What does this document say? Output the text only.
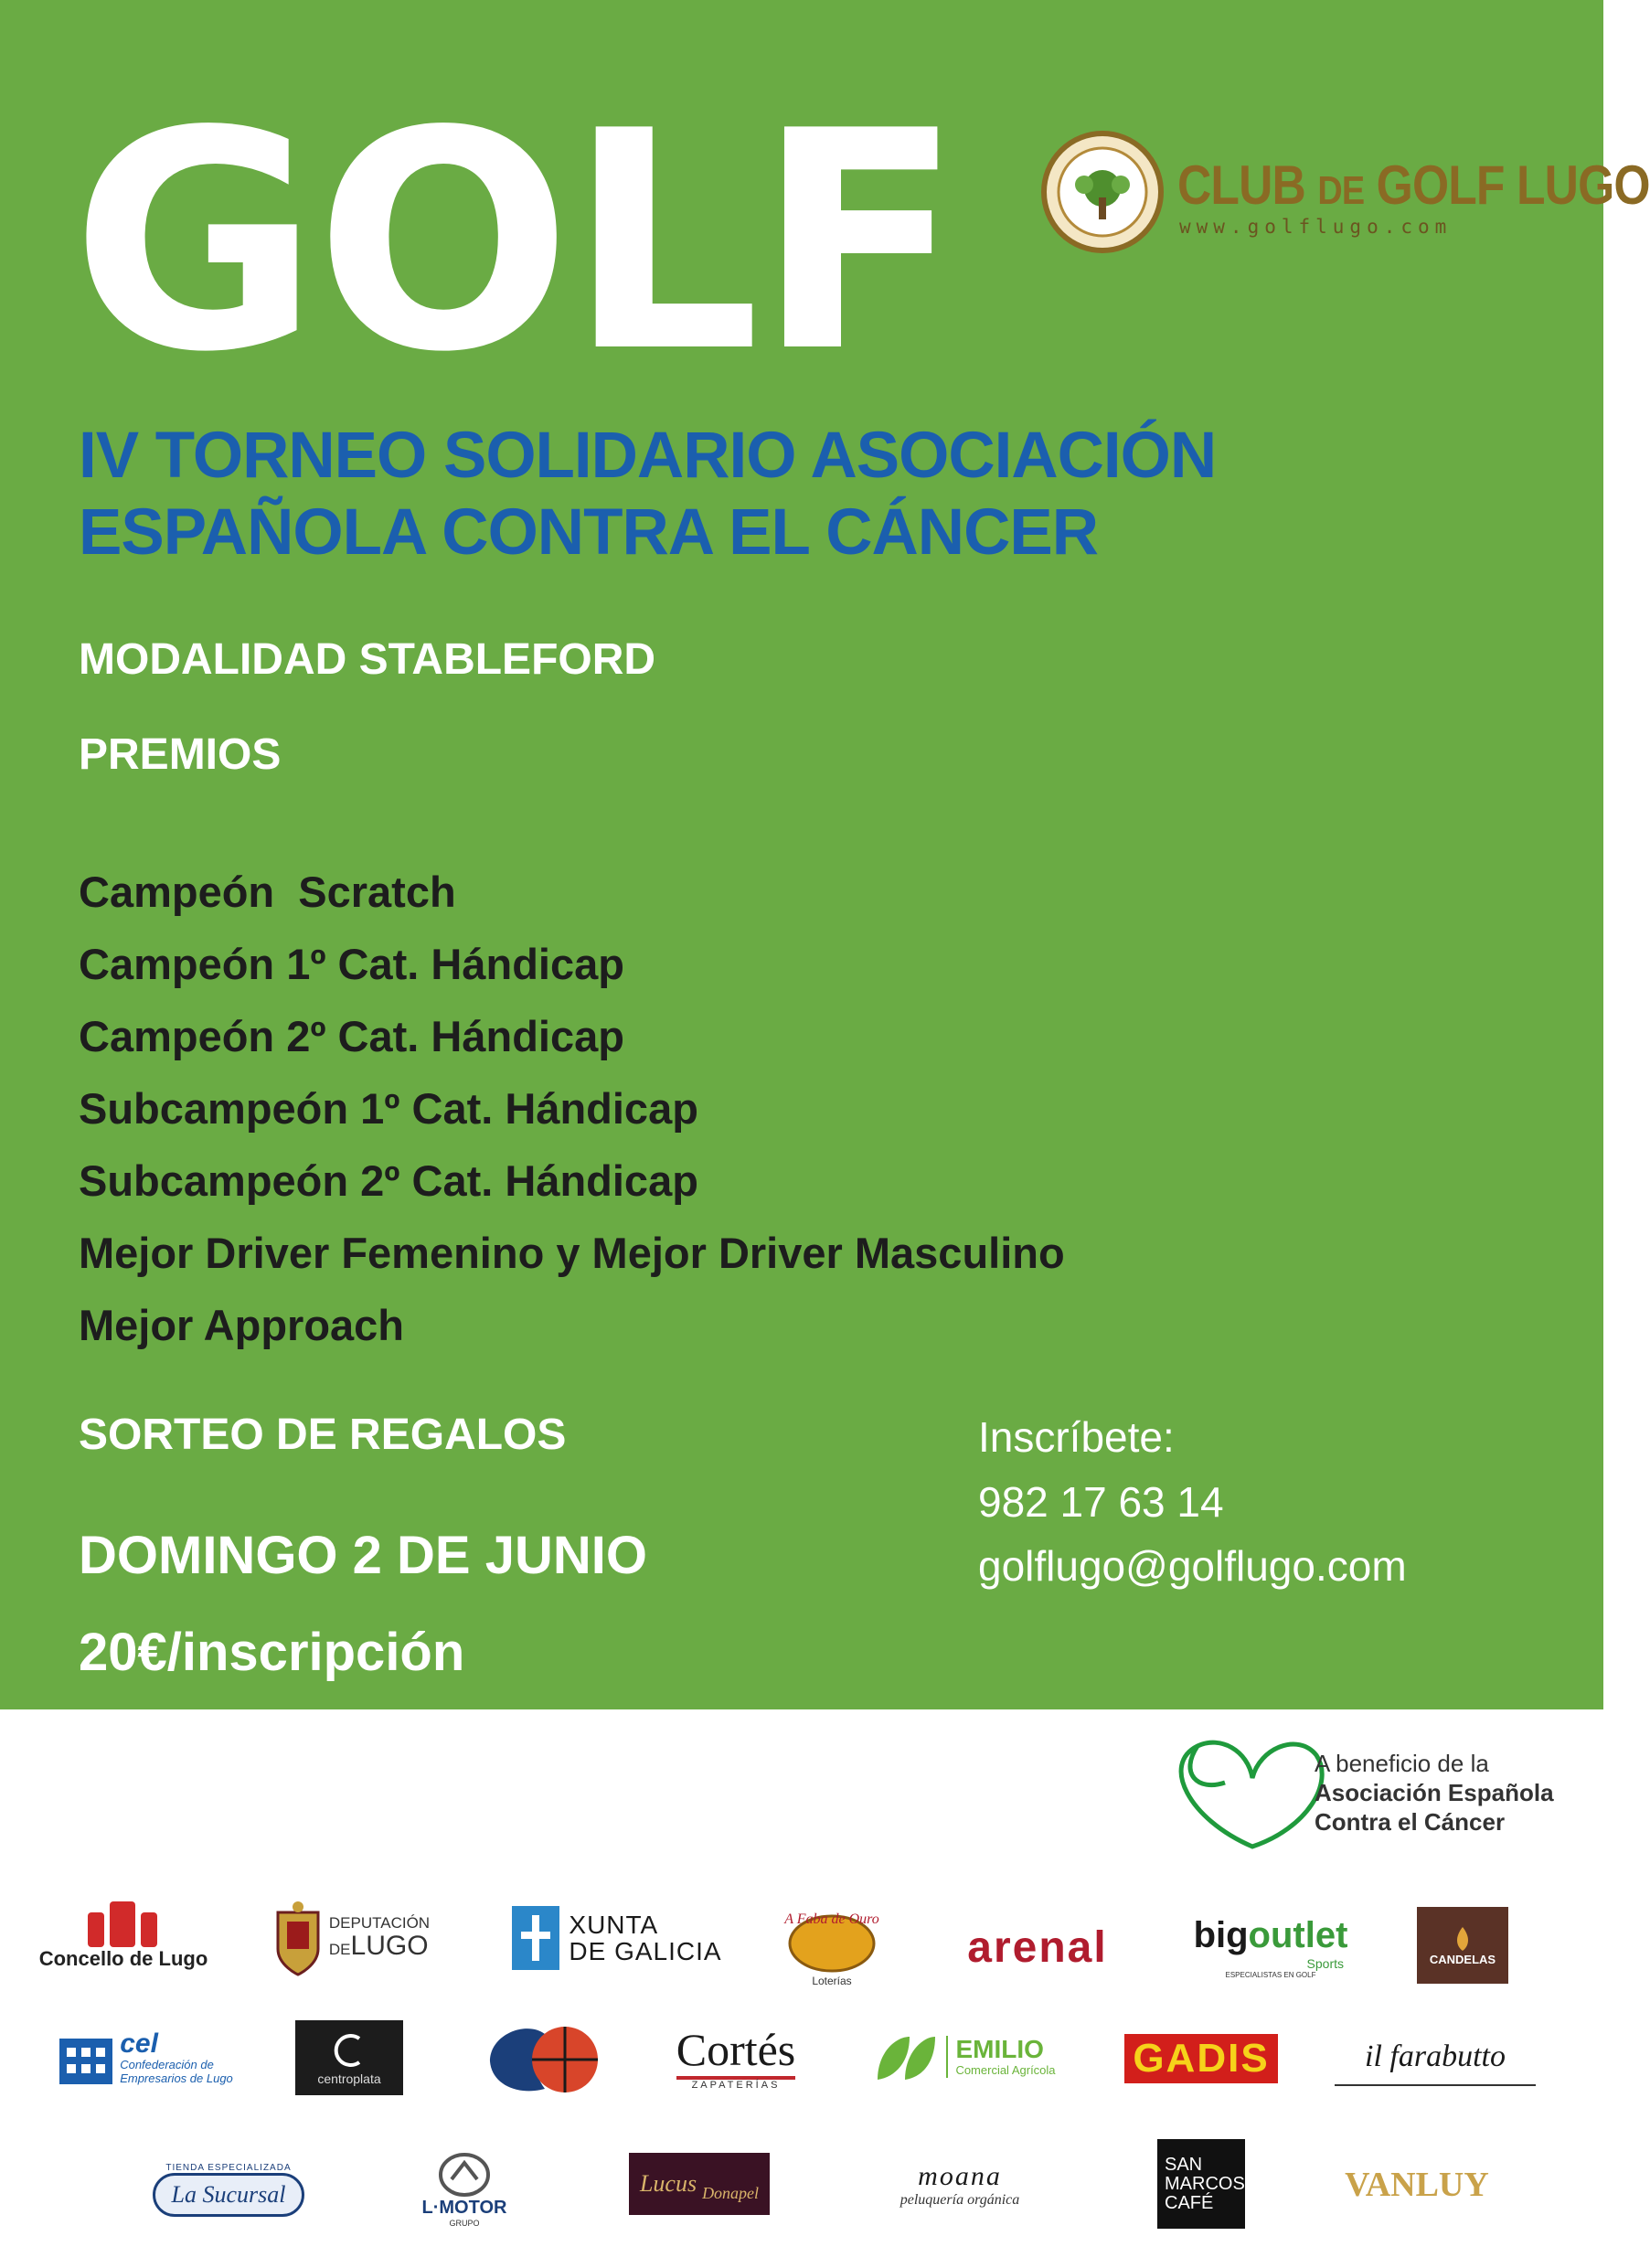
GOLF	CLUB DE GOLF LUGO
www.golflugo.com
IV TORNEO SOLIDARIO ASOCIACIÓN
ESPAÑOLA CONTRA EL CÁNCER
MODALIDAD STABLEFORD
PREMIOS
Campeón  Scratch
Campeón 1º Cat. Hándicap
Campeón 2º Cat. Hándicap
Subcampeón 1º Cat. Hándicap
Subcampeón 2º Cat. Hándicap
Mejor Driver Femenino y Mejor Driver Masculino
Mejor Approach
SORTEO DE REGALOS
DOMINGO 2 DE JUNIO
20€/inscripción
Inscríbete:
982 17 63 14
golflugo@golflugo.com
A beneficio de la
Asociación Española
Contra el Cáncer
Concello de Lugo
DEPUTACIÓN
DELUGO
XUNTA
DE GALICIA
A Faba de Ouro
Loterías
arenal big outlet
Sports
ESPECIALISTAS EN GOLF
CANDELAS
cel
Confederación de
Empresarios de Lugo	centroplata
Cortés
ZAPATERÍAS
EMILIO
Comercial Agrícola GADIS	il farabutto
TIENDA ESPECIALIZADA
La Sucursal	L·MOTOR
GRUPO
Lucus Donapel
moana
peluquería orgánica
SAN
MARCOS
CAFÉ	VANLUY
